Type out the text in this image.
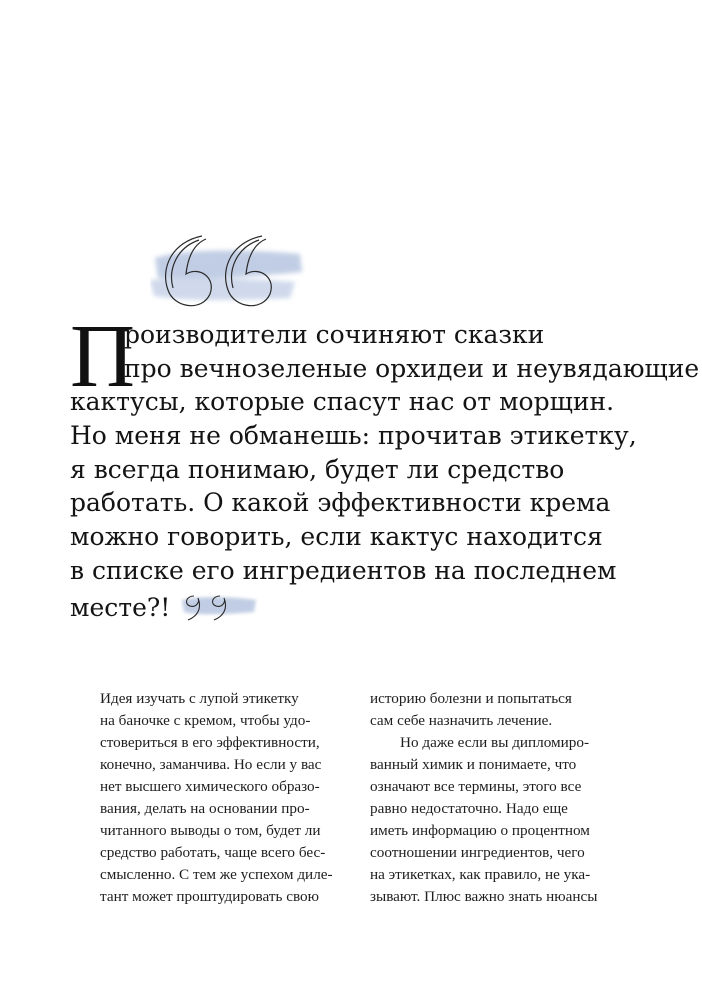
П
роизводители сочиняют сказки
про вечнозеленые орхидеи и неувядающие
кактусы, которые спасут нас от морщин.
Но меня не обманешь: прочитав этикетку,
я всегда понимаю, будет ли средство
работать. О какой эффективности крема
можно говорить, если кактус находится
в списке его ингредиентов на последнем
месте?!
Идея изучать с лупой этикетку
на баночке с кремом, чтобы удо-
стовериться в его эффективности,
конечно, заманчива. Но если у вас
нет высшего химического образо-
вания, делать на основании про-
читанного выводы о том, будет ли
средство работать, чаще всего бес-
смысленно. С тем же успехом диле-
тант может проштудировать свою
историю болезни и попытаться
сам себе назначить лечение.
Но даже если вы дипломиро-
ванный химик и понимаете, что
означают все термины, этого все
равно недостаточно. Надо еще
иметь информацию о процентном
соотношении ингредиентов, чего
на этикетках, как правило, не ука-
зывают. Плюс важно знать нюансы
